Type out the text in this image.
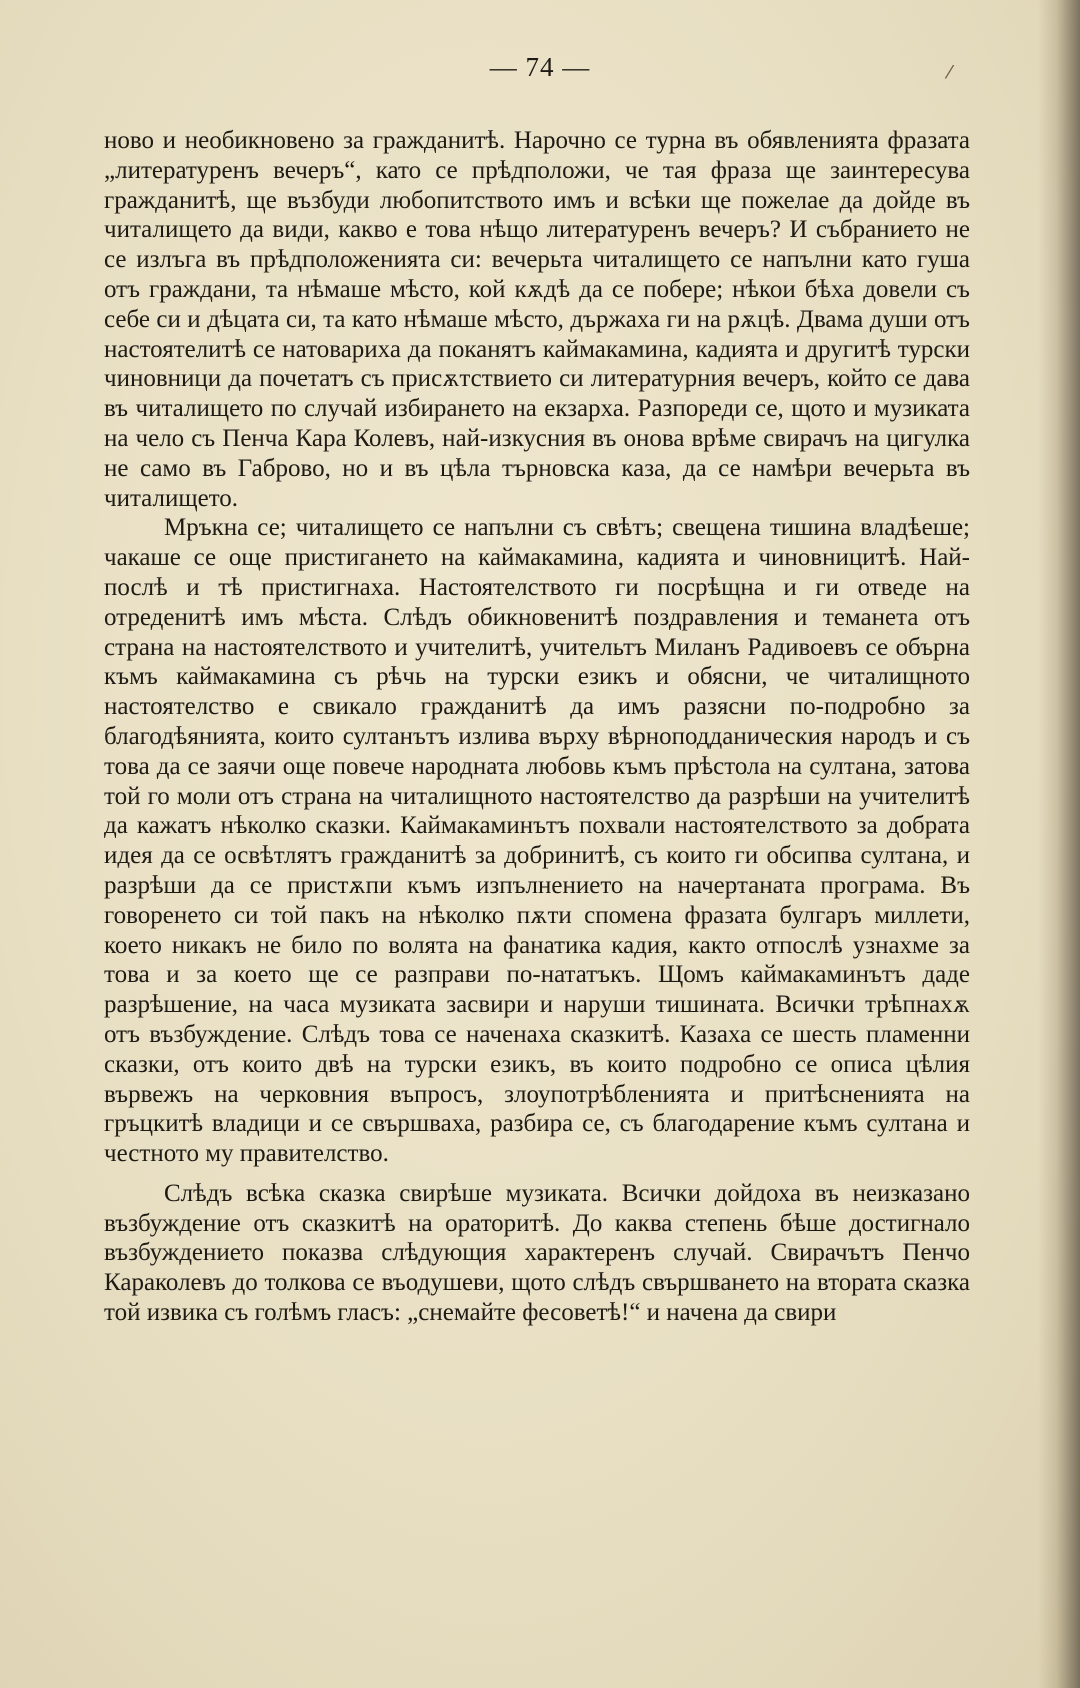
⁄
— 74 —

ново и необикновено за гражданитѣ. Нарочно се турна въ обявленията фразата „литературенъ вечеръ“, като се прѣдположи, че тая фраза ще заинтересува гражданитѣ, ще възбуди любопитството имъ и всѣки ще пожелае да дойде въ читалището да види, какво е това нѣщо литературенъ вечеръ? И събранието не се излъга въ прѣдположенията си: вечерьта читалището се напълни като гуша отъ граждани, та нѣмаше мѣсто, кой кѫдѣ да се побере; нѣкои бѣха довели съ себе си и дѣцата си, та като нѣмаше мѣсто, държаха ги на рѫцѣ. Двама души отъ настоятелитѣ се натовариха да поканятъ каймакамина, кадията и другитѣ турски чиновници да почетатъ съ присѫтствието си литературния вечеръ, който се дава въ читалището по случай избирането на екзарха. Разпореди се, щото и музиката на чело съ Пенча Кара Колевъ, най-изкусния въ онова врѣме свирачъ на цигулка не само въ Габрово, но и въ цѣла търновска каза, да се намѣри вечерьта въ читалището.

Мръкна се; читалището се напълни съ свѣтъ; свещена тишина владѣеше; чакаше се още пристигането на каймакамина, кадията и чиновницитѣ. Най-послѣ и тѣ пристигнаха. Настоятелството ги посрѣщна и ги отведе на отреденитѣ имъ мѣста. Слѣдъ обикновенитѣ поздравления и теманета отъ страна на настоятелството и учителитѣ, учительтъ Миланъ Радивоевъ се обърна къмъ каймакамина съ рѣчь на турски езикъ и обясни, че читалищното настоятелство е свикало гражданитѣ да имъ разясни по-подробно за благодѣянията, които султанътъ излива върху вѣрноподданическия народъ и съ това да се заячи още повече народната любовь къмъ прѣстола на султана, затова той го моли отъ страна на читалищното настоятелство да разрѣши на учителитѣ да кажатъ нѣколко сказки. Каймакаминътъ похвали настоятелството за добрата идея да се освѣтлятъ гражданитѣ за добринитѣ, съ които ги обсипва султана, и разрѣши да се пристѫпи къмъ изпълнението на начертаната програма. Въ говоренето си той пакъ на нѣколко пѫти спомена фразата булгаръ миллети, което никакъ не било по волята на фанатика кадия, както отпослѣ узнахме за това и за което ще се разправи по-нататъкъ. Щомъ каймакаминътъ даде разрѣшение, на часа музиката засвири и наруши тишината. Всички трѣпнахѫ отъ възбуждение. Слѣдъ това се наченаха сказкитѣ. Казаха се шесть пламенни сказки, отъ които двѣ на турски езикъ, въ които подробно се описа цѣлия въpвежъ на черковния въпросъ, злоупотрѣбленията и притѣсненията на гръцкитѣ владици и се свършваха, разбира се, съ благодарение къмъ султана и честното му правителство.

Слѣдъ всѣка сказка свирѣше музиката. Всички дойдоха въ неизказано възбуждение отъ сказкитѣ на ораторитѣ. До каква степень бѣше достигнало възбуждението показва слѣдующия характеренъ случай. Свирачътъ Пенчо Караколевъ до толкова се въодушеви, щото слѣдъ свършването на втората сказка той извика съ голѣмъ гласъ: „снемайте фесоветѣ!“ и начена да свири
